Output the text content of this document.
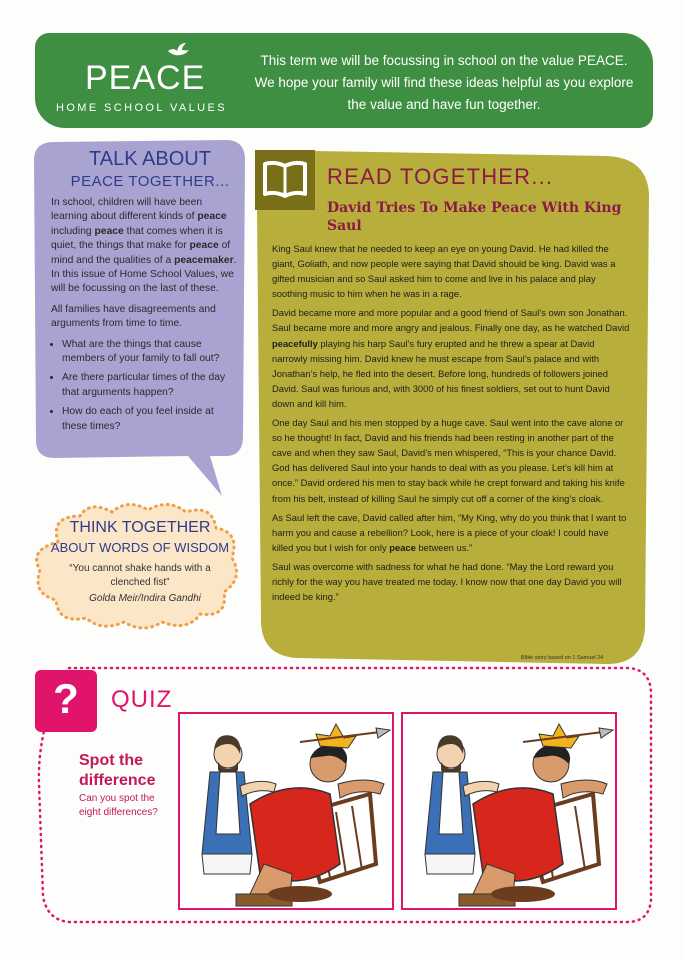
PEACE
HOME SCHOOL VALUES
This term we will be focussing in school on the value PEACE.
We hope your family will find these ideas helpful as you explore
the value and have fun together.
TALK ABOUT
PEACE TOGETHER...

In school, children will have been learning about different kinds of peace including peace that comes when it is quiet, the things that make for peace of mind and the qualities of a peacemaker. In this issue of Home School Values, we will be focussing on the last of these.

All families have disagreements and arguments from time to time.

• What are the things that cause members of your family to fall out?
• Are there particular times of the day that arguments happen?
• How do each of you feel inside at these times?
THINK TOGETHER
ABOUT WORDS OF WISDOM
“You cannot shake hands with a clenched fist”
Golda Meir/Indira Gandhi
READ TOGETHER...
David Tries To Make Peace With King Saul

King Saul knew that he needed to keep an eye on young David. He had killed the giant, Goliath, and now people were saying that David should be king. David was a gifted musician and so Saul asked him to come and live in his palace and play soothing music to him when he was in a rage.

David became more and more popular and a good friend of Saul’s own son Jonathan. Saul became more and more angry and jealous. Finally one day, as he watched David peacefully playing his harp Saul’s fury erupted and he threw a spear at David narrowly missing him. David knew he must escape from Saul’s palace and with Jonathan’s help, he fled into the desert. Before long, hundreds of followers joined David. Saul was furious and, with 3000 of his finest soldiers, set out to hunt David down and kill him.

One day Saul and his men stopped by a huge cave. Saul went into the cave alone or so he thought! In fact, David and his friends had been resting in another part of the cave and when they saw Saul, David’s men whispered, “This is your chance David. God has delivered Saul into your hands to deal with as you please. Let’s kill him at once.” David ordered his men to stay back while he crept forward and taking his knife from his belt, instead of killing Saul he simply cut off a corner of the king’s cloak.

As Saul left the cave, David called after him, “My King, why do you think that I want to harm you and cause a rebellion? Look, here is a piece of your cloak! I could have killed you but I wish for only peace between us.”

Saul was overcome with sadness for what he had done. “May the Lord reward you richly for the way you have treated me today. I know now that one day David you will indeed be king.”

Bible story based on 1 Samuel 24
?	QUIZ
Spot the difference
Can you spot the eight differences?
